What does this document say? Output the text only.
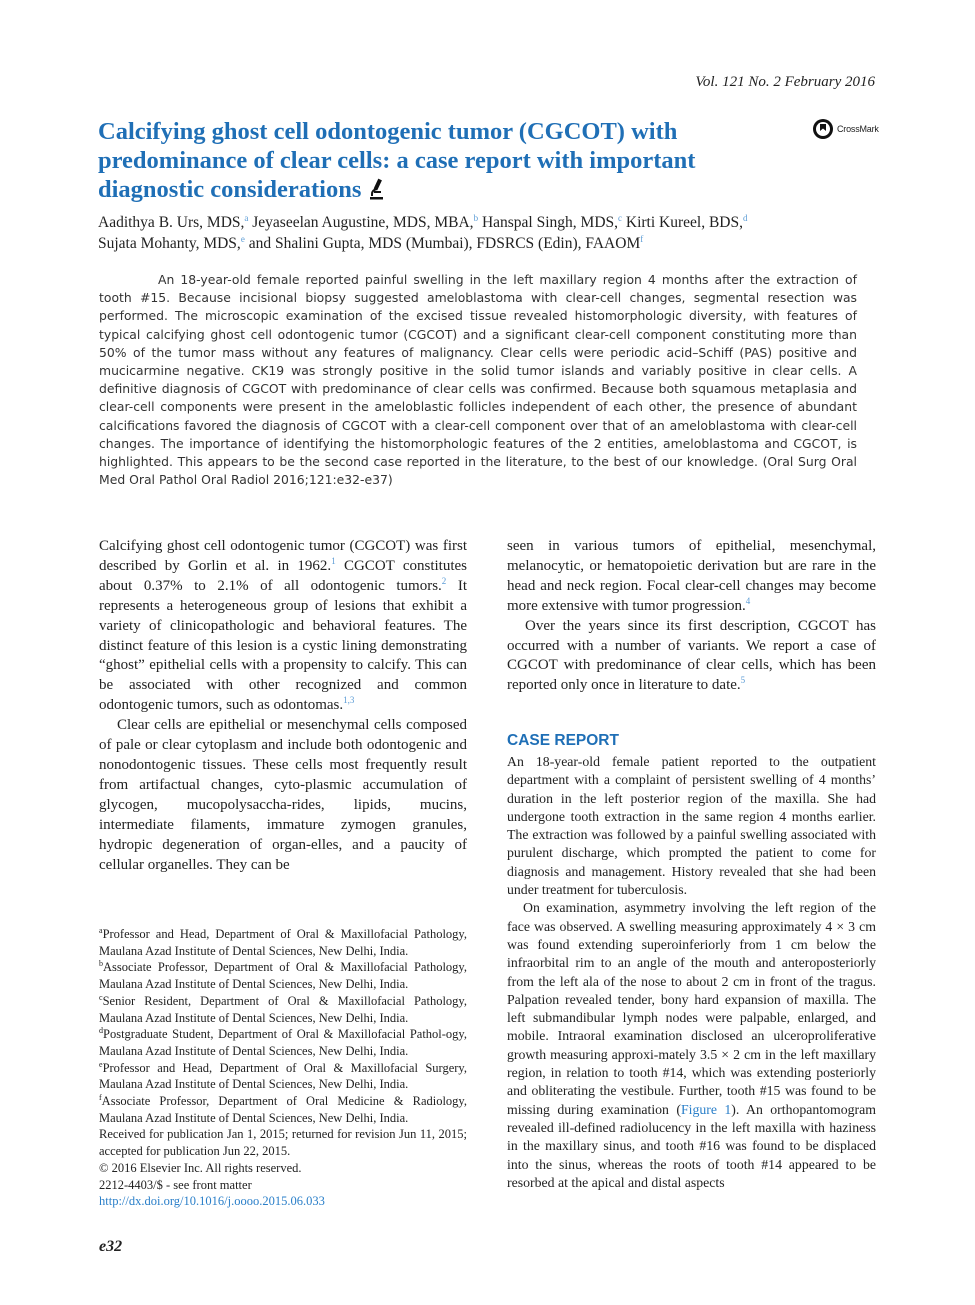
Vol. 121 No. 2 February 2016
Calcifying ghost cell odontogenic tumor (CGCOT) with predominance of clear cells: a case report with important diagnostic considerations
CrossMark
Aadithya B. Urs, MDS,$^a$ Jeyaseelan Augustine, MDS, MBA,$^b$ Hanspal Singh, MDS,$^c$ Kirti Kureel, BDS,$^d$
Sujata Mohanty, MDS,$^e$ and Shalini Gupta, MDS (Mumbai), FDSRCS (Edin), FAAOM$^f$
An 18-year-old female reported painful swelling in the left maxillary region 4 months after the extraction of tooth #15. Because incisional biopsy suggested ameloblastoma with clear-cell changes, segmental resection was performed. The microscopic examination of the excised tissue revealed histomorphologic diversity, with features of typical calcifying ghost cell odontogenic tumor (CGCOT) and a significant clear-cell component constituting more than 50% of the tumor mass without any features of malignancy. Clear cells were periodic acid–Schiff (PAS) positive and mucicarmine negative. CK19 was strongly positive in the solid tumor islands and variably positive in clear cells. A definitive diagnosis of CGCOT with predominance of clear cells was confirmed. Because both squamous metaplasia and clear-cell components were present in the ameloblastic follicles independent of each other, the presence of abundant calcifications favored the diagnosis of CGCOT with a clear-cell component over that of an ameloblastoma with clear-cell changes. The importance of identifying the histomorphologic features of the 2 entities, ameloblastoma and CGCOT, is highlighted. This appears to be the second case reported in the literature, to the best of our knowledge. (Oral Surg Oral Med Oral Pathol Oral Radiol 2016;121:e32-e37)

Calcifying ghost cell odontogenic tumor (CGCOT) was first described by Gorlin et al. in 1962.$^1$ CGCOT constitutes about 0.37% to 2.1% of all odontogenic tumors.$^2$ It represents a heterogeneous group of lesions that exhibit a variety of clinicopathologic and behavioral features. The distinct feature of this lesion is a cystic lining demonstrating “ghost” epithelial cells with a propensity to calcify. This can be associated with other recognized and common odontogenic tumors, such as odontomas.$^{1,3}$

Clear cells are epithelial or mesenchymal cells composed of pale or clear cytoplasm and include both odontogenic and nonodontogenic tissues. These cells most frequently result from artifactual changes, cyto-plasmic accumulation of glycogen, mucopolysaccha-rides, lipids, mucins, intermediate filaments, immature zymogen granules, hydropic degeneration of organ-elles, and a paucity of cellular organelles. They can be

seen in various tumors of epithelial, mesenchymal, melanocytic, or hematopoietic derivation but are rare in the head and neck region. Focal clear-cell changes may become more extensive with tumor progression.$^4$

Over the years since its first description, CGCOT has occurred with a number of variants. We report a case of CGCOT with predominance of clear cells, which has been reported only once in literature to date.$^5$

CASE REPORT

An 18-year-old female patient reported to the outpatient department with a complaint of persistent swelling of 4 months’ duration in the left posterior region of the maxilla. She had undergone tooth extraction in the same region 4 months earlier. The extraction was followed by a painful swelling associated with purulent discharge, which prompted the patient to come for diagnosis and management. History revealed that she had been under treatment for tuberculosis.

On examination, asymmetry involving the left region of the face was observed. A swelling measuring approximately 4 × 3 cm was found extending superoinferiorly from 1 cm below the infraorbital rim to an angle of the mouth and anteroposteriorly from the left ala of the nose to about 2 cm in front of the tragus. Palpation revealed tender, bony hard expansion of maxilla. The left submandibular lymph nodes were palpable, enlarged, and mobile. Intraoral examination disclosed an ulceroproliferative growth measuring approxi-mately 3.5 × 2 cm in the left maxillary region, in relation to tooth #14, which was extending posteriorly and obliterating the vestibule. Further, tooth #15 was found to be missing during examination (Figure 1). An orthopantomogram revealed ill-defined radiolucency in the left maxilla with haziness in the maxillary sinus, and tooth #16 was found to be displaced into the sinus, whereas the roots of tooth #14 appeared to be resorbed at the apical and distal aspects

$^a$Professor and Head, Department of Oral & Maxillofacial Pathology, Maulana Azad Institute of Dental Sciences, New Delhi, India.

$^b$Associate Professor, Department of Oral & Maxillofacial Pathology, Maulana Azad Institute of Dental Sciences, New Delhi, India.

$^c$Senior Resident, Department of Oral & Maxillofacial Pathology, Maulana Azad Institute of Dental Sciences, New Delhi, India.

$^d$Postgraduate Student, Department of Oral & Maxillofacial Pathol-ogy, Maulana Azad Institute of Dental Sciences, New Delhi, India.

$^e$Professor and Head, Department of Oral & Maxillofacial Surgery, Maulana Azad Institute of Dental Sciences, New Delhi, India.

$^f$Associate Professor, Department of Oral Medicine & Radiology, Maulana Azad Institute of Dental Sciences, New Delhi, India.

Received for publication Jan 1, 2015; returned for revision Jun 11, 2015; accepted for publication Jun 22, 2015.

© 2016 Elsevier Inc. All rights reserved.

2212-4403/$ - see front matter

http://dx.doi.org/10.1016/j.oooo.2015.06.033

e32
